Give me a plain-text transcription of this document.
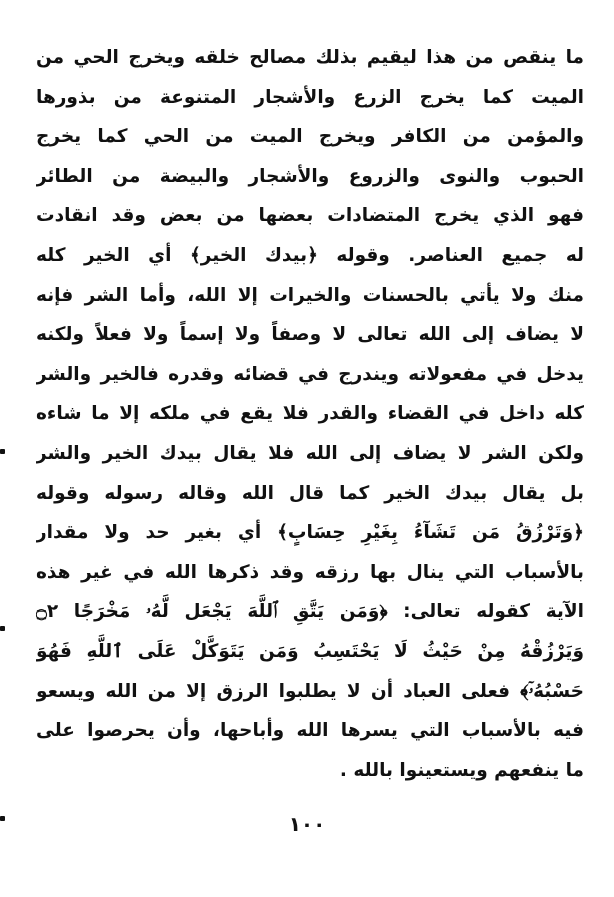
ما ينقص من هذا ليقيم بذلك مصالح خلقه ويخرج الحي من
الميت كما يخرج الزرع والأشجار المتنوعة من بذورها
والمؤمن من الكافر ويخرج الميت من الحي كما يخرج
الحبوب والنوى والزروع والأشجار والبيضة من الطائر
فهو الذي يخرج المتضادات بعضها من بعض وقد انقادت
له جميع العناصر. وقوله ﴿بيدك الخير﴾ أي الخير كله
منك ولا يأتي بالحسنات والخيرات إلا الله، وأما الشر فإنه
لا يضاف إلى الله تعالى لا وصفاً ولا إسماً ولا فعلاً ولكنه
يدخل في مفعولاته ويندرج في قضائه وقدره فالخير والشر
كله داخل في القضاء والقدر فلا يقع في ملكه إلا ما شاءه
ولكن الشر لا يضاف إلى الله فلا يقال بيدك الخير والشر
بل يقال بيدك الخير كما قال الله وقاله رسوله وقوله
﴿وَتَرْزُقُ مَن تَشَآءُ بِغَيْرِ حِسَابٍ﴾ أي بغير حد ولا مقدار
بالأسباب التي ينال بها رزقه وقد ذكرها الله في غير هذه
الآية كقوله تعالى: ﴿وَمَن يَتَّقِ ٱللَّهَ يَجْعَل لَّهُۥ مَخْرَجًا ۝٢
وَيَرْزُقْهُ مِنْ حَيْثُ لَا يَحْتَسِبُ وَمَن يَتَوَكَّلْ عَلَى ٱللَّهِ فَهُوَ
حَسْبُهُۥٓ﴾ فعلى العباد أن لا يطلبوا الرزق إلا من الله ويسعو
فيه بالأسباب التي يسرها الله وأباحها، وأن يحرصوا على
ما ينفعهم ويستعينوا بالله .
١٠٠
